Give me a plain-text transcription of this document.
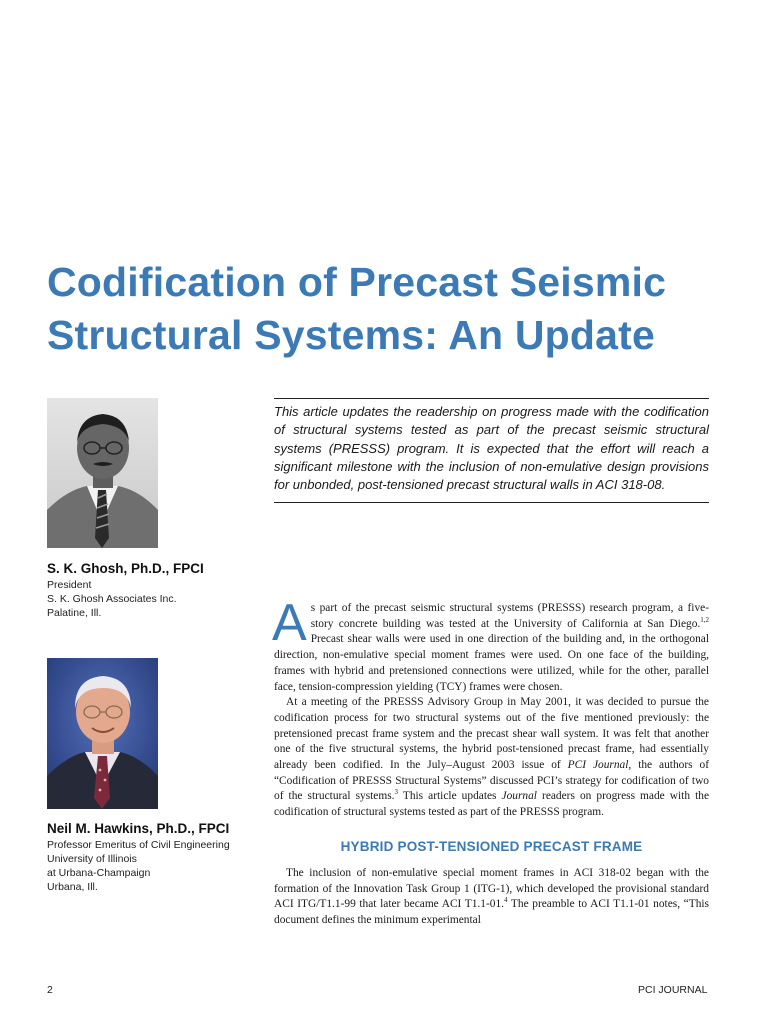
Codification of Precast Seismic
Structural Systems: An Update
S. K. Ghosh, Ph.D., FPCI
President
S. K. Ghosh Associates Inc.
Palatine, Ill.
Neil M. Hawkins, Ph.D., FPCI
Professor Emeritus of Civil Engineering
University of Illinois
at Urbana-Champaign
Urbana, Ill.

This article updates the readership on progress made with the codification of structural systems tested as part of the precast seismic structural systems (PRESSS) program. It is expected that the effort will reach a significant milestone with the inclusion of non-emulative design provisions for unbonded, post-tensioned precast structural walls in ACI 318-08.

As part of the precast seismic structural systems (PRESSS) research program, a five-story concrete building was tested at the University of California at San Diego.$^{1,2}$ Precast shear walls were used in one direction of the building and, in the orthogonal direction, non-emulative special moment frames were used. On one face of the building, frames with hybrid and pretensioned connections were utilized, while for the other, parallel face, tension-compression yielding (TCY) frames were chosen.

At a meeting of the PRESSS Advisory Group in May 2001, it was decided to pursue the codification process for two structural systems out of the five mentioned previously: the pretensioned precast frame system and the precast shear wall system. It was felt that another one of the five structural systems, the hybrid post-tensioned precast frame, had essentially already been codified. In the July–August 2003 issue of PCI Journal, the authors of “Codification of PRESSS Structural Systems” discussed PCI’s strategy for codification of two of the structural systems.$^3$ This article updates Journal readers on progress made with the codification of structural systems tested as part of the PRESSS program.

HYBRID POST-TENSIONED PRECAST FRAME

The inclusion of non-emulative special moment frames in ACI 318-02 began with the formation of the Innovation Task Group 1 (ITG-1), which developed the provisional standard ACI ITG/T1.1-99 that later became ACI T1.1-01.$^4$ The preamble to ACI T1.1-01 notes, “This document defines the minimum experimental

2	PCI JOURNAL
